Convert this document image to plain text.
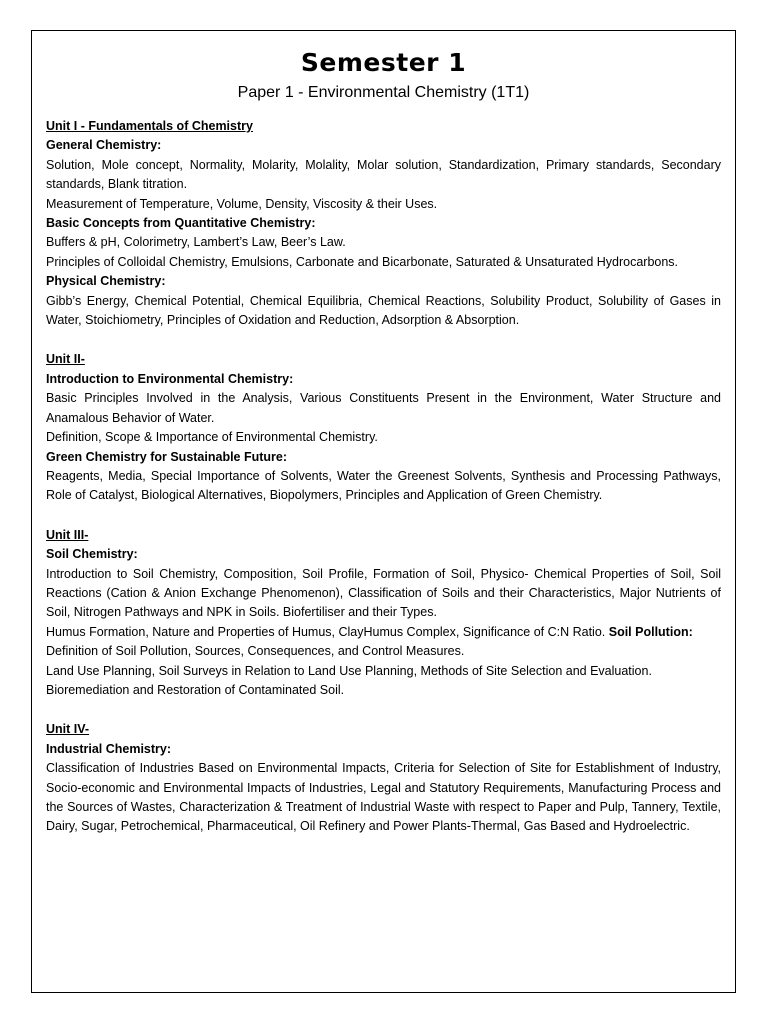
Semester 1
Paper 1 - Environmental Chemistry (1T1)
Unit I - Fundamentals of Chemistry
General Chemistry:

Solution, Mole concept, Normality, Molarity, Molality, Molar solution, Standardization, Primary standards, Secondary standards, Blank titration.

Measurement of Temperature, Volume, Density, Viscosity & their Uses.

Basic Concepts from Quantitative Chemistry:

Buffers & pH, Colorimetry, Lambert’s Law, Beer’s Law.

Principles of Colloidal Chemistry, Emulsions, Carbonate and Bicarbonate, Saturated & Unsaturated Hydrocarbons.

Physical Chemistry:

Gibb’s Energy, Chemical Potential, Chemical Equilibria, Chemical Reactions, Solubility Product, Solubility of Gases in Water, Stoichiometry, Principles of Oxidation and Reduction, Adsorption & Absorption.

Unit II-
Introduction to Environmental Chemistry:

Basic Principles Involved in the Analysis, Various Constituents Present in the Environment, Water Structure and Anamalous Behavior of Water.

Definition, Scope & Importance of Environmental Chemistry.

Green Chemistry for Sustainable Future:

Reagents, Media, Special Importance of Solvents, Water the Greenest Solvents, Synthesis and Processing Pathways, Role of Catalyst, Biological Alternatives, Biopolymers, Principles and Application of Green Chemistry.

Unit III-
Soil Chemistry:

Introduction to Soil Chemistry, Composition, Soil Profile, Formation of Soil, Physico- Chemical Properties of Soil, Soil Reactions (Cation & Anion Exchange Phenomenon), Classification of Soils and their Characteristics, Major Nutrients of Soil, Nitrogen Pathways and NPK in Soils. Biofertiliser and their Types.

Humus Formation, Nature and Properties of Humus, ClayHumus Complex, Significance of C:N Ratio. Soil Pollution:

Definition of Soil Pollution, Sources, Consequences, and Control Measures.

Land Use Planning, Soil Surveys in Relation to Land Use Planning, Methods of Site Selection and Evaluation.

Bioremediation and Restoration of Contaminated Soil.

Unit IV-
Industrial Chemistry:

Classification of Industries Based on Environmental Impacts, Criteria for Selection of Site for Establishment of Industry, Socio-economic and Environmental Impacts of Industries, Legal and Statutory Requirements, Manufacturing Process and the Sources of Wastes, Characterization & Treatment of Industrial Waste with respect to Paper and Pulp, Tannery, Textile, Dairy, Sugar, Petrochemical, Pharmaceutical, Oil Refinery and Power Plants-Thermal, Gas Based and Hydroelectric.
